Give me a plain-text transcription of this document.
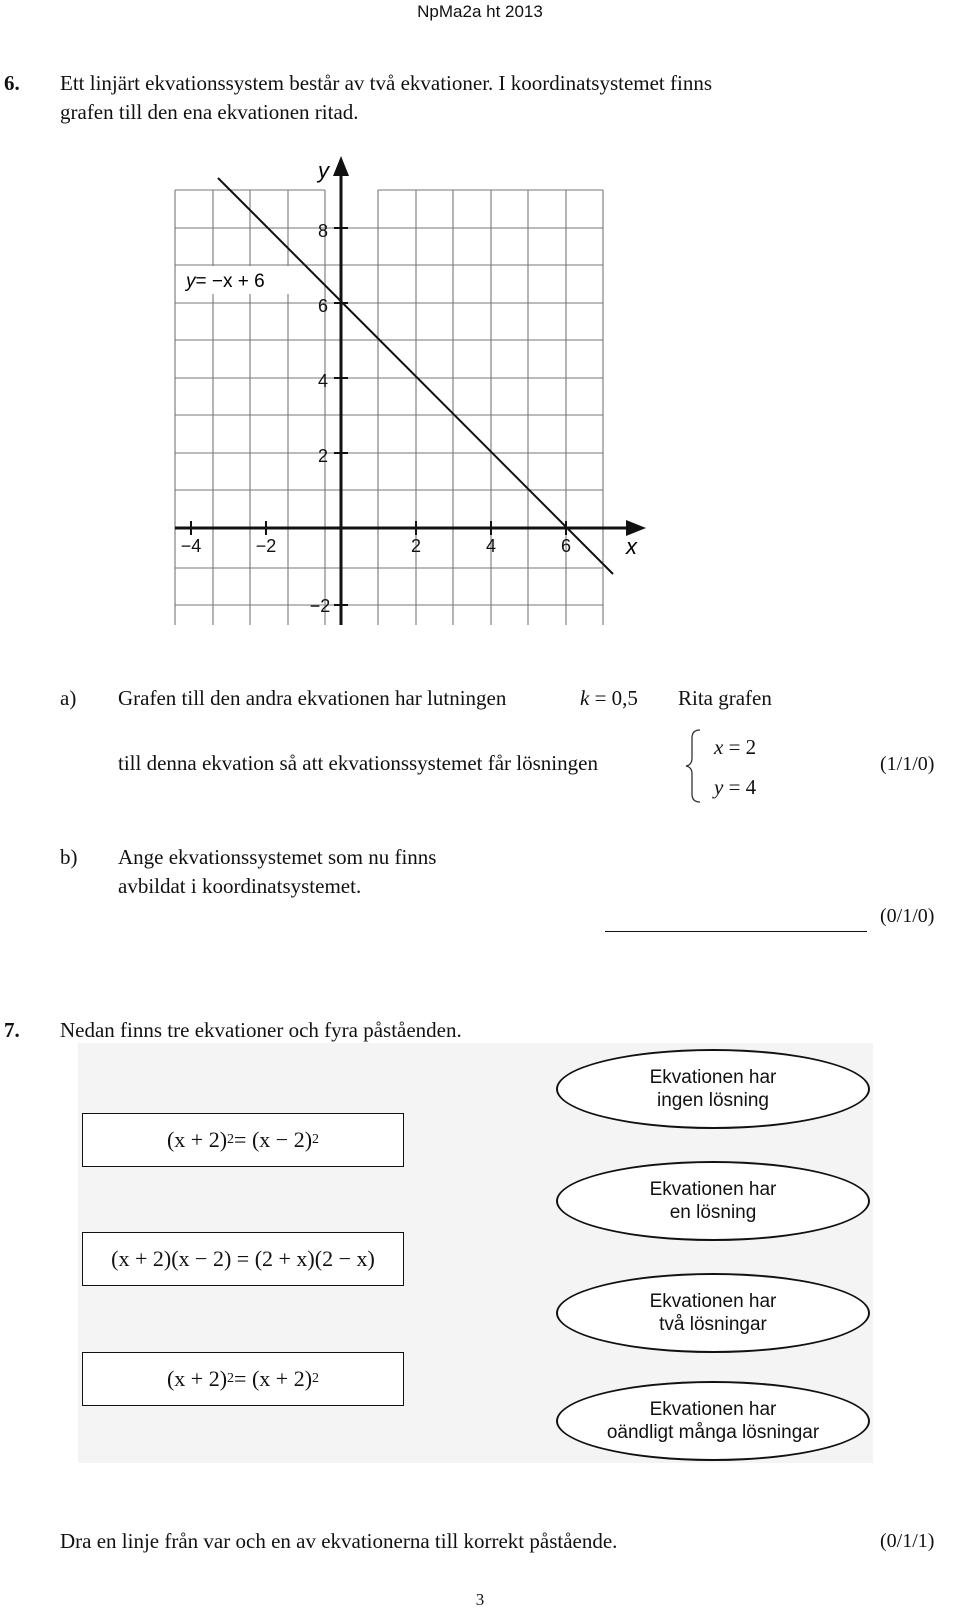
NpMa2a ht 2013
6. Ett linjärt ekvationssystem består av två ekvationer. I koordinatsystemet finns
grafen till den ena ekvationen ritad.
y
x
8
6
4
2
−2
−4	−2	2	4	6
y= −x + 6
a) Grafen till den andra ekvationen har lutningen	k = 0,5 Rita grafen
till denna ekvation så att ekvationssystemet får lösningen
x = 2
y = 4
(1/1/0)
b) Ange ekvationssystemet som nu finns
avbildat i koordinatsystemet.
(0/1/0)
7. Nedan finns tre ekvationer och fyra påståenden.
(x + 2) 2 = (x − 2) 2
(x + 2)(x − 2) = (2 + x)(2 − x)
(x + 2) 2 = (x + 2) 2
Ekvationen har
ingen lösning
Ekvationen har
en lösning
Ekvationen har
två lösningar
Ekvationen har
oändligt många lösningar
Dra en linje från var och en av ekvationerna till korrekt påstående.	(0/1/1)
3
